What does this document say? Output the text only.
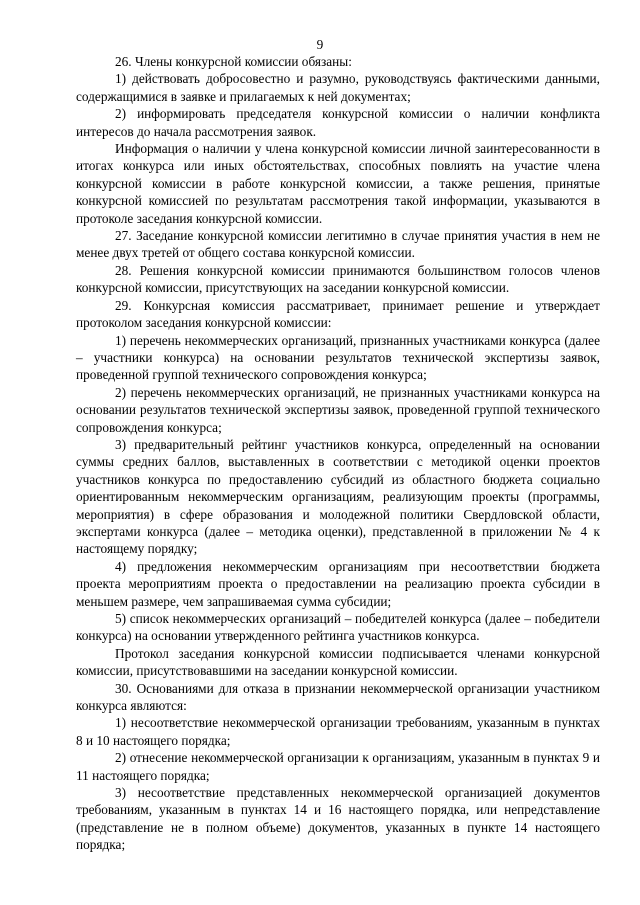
9

26. Члены конкурсной комиссии обязаны:

1) действовать добросовестно и разумно, руководствуясь фактическими данными, содержащимися в заявке и прилагаемых к ней документах;

2) информировать председателя конкурсной комиссии о наличии конфликта интересов до начала рассмотрения заявок.

Информация о наличии у члена конкурсной комиссии личной заинтересованности в итогах конкурса или иных обстоятельствах, способных повлиять на участие члена конкурсной комиссии в работе конкурсной комиссии, а также решения, принятые конкурсной комиссией по результатам рассмотрения такой информации, указываются в протоколе заседания конкурсной комиссии.

27. Заседание конкурсной комиссии легитимно в случае принятия участия в нем не менее двух третей от общего состава конкурсной комиссии.

28. Решения конкурсной комиссии принимаются большинством голосов членов конкурсной комиссии, присутствующих на заседании конкурсной комиссии.

29. Конкурсная комиссия рассматривает, принимает решение и утверждает протоколом заседания конкурсной комиссии:

1) перечень некоммерческих организаций, признанных участниками конкурса (далее – участники конкурса) на основании результатов технической экспертизы заявок, проведенной группой технического сопровождения конкурса;

2) перечень некоммерческих организаций, не признанных участниками конкурса на основании результатов технической экспертизы заявок, проведенной группой технического сопровождения конкурса;

3) предварительный рейтинг участников конкурса, определенный на основании суммы средних баллов, выставленных в соответствии с методикой оценки проектов участников конкурса по предоставлению субсидий из областного бюджета социально ориентированным некоммерческим организациям, реализующим проекты (программы, мероприятия) в сфере образования и молодежной политики Свердловской области, экспертами конкурса (далее – методика оценки), представленной в приложении № 4 к настоящему порядку;

4) предложения некоммерческим организациям при несоответствии бюджета проекта мероприятиям проекта о предоставлении на реализацию проекта субсидии в меньшем размере, чем запрашиваемая сумма субсидии;

5) список некоммерческих организаций – победителей конкурса (далее – победители конкурса) на основании утвержденного рейтинга участников конкурса.

Протокол заседания конкурсной комиссии подписывается членами конкурсной комиссии, присутствовавшими на заседании конкурсной комиссии.

30. Основаниями для отказа в признании некоммерческой организации участником конкурса являются:

1) несоответствие некоммерческой организации требованиям, указанным в пунктах 8 и 10 настоящего порядка;

2) отнесение некоммерческой организации к организациям, указанным в пунктах 9 и 11 настоящего порядка;

3) несоответствие представленных некоммерческой организацией документов требованиям, указанным в пунктах 14 и 16 настоящего порядка, или непредставление (представление не в полном объеме) документов, указанных в пункте 14 настоящего порядка;
